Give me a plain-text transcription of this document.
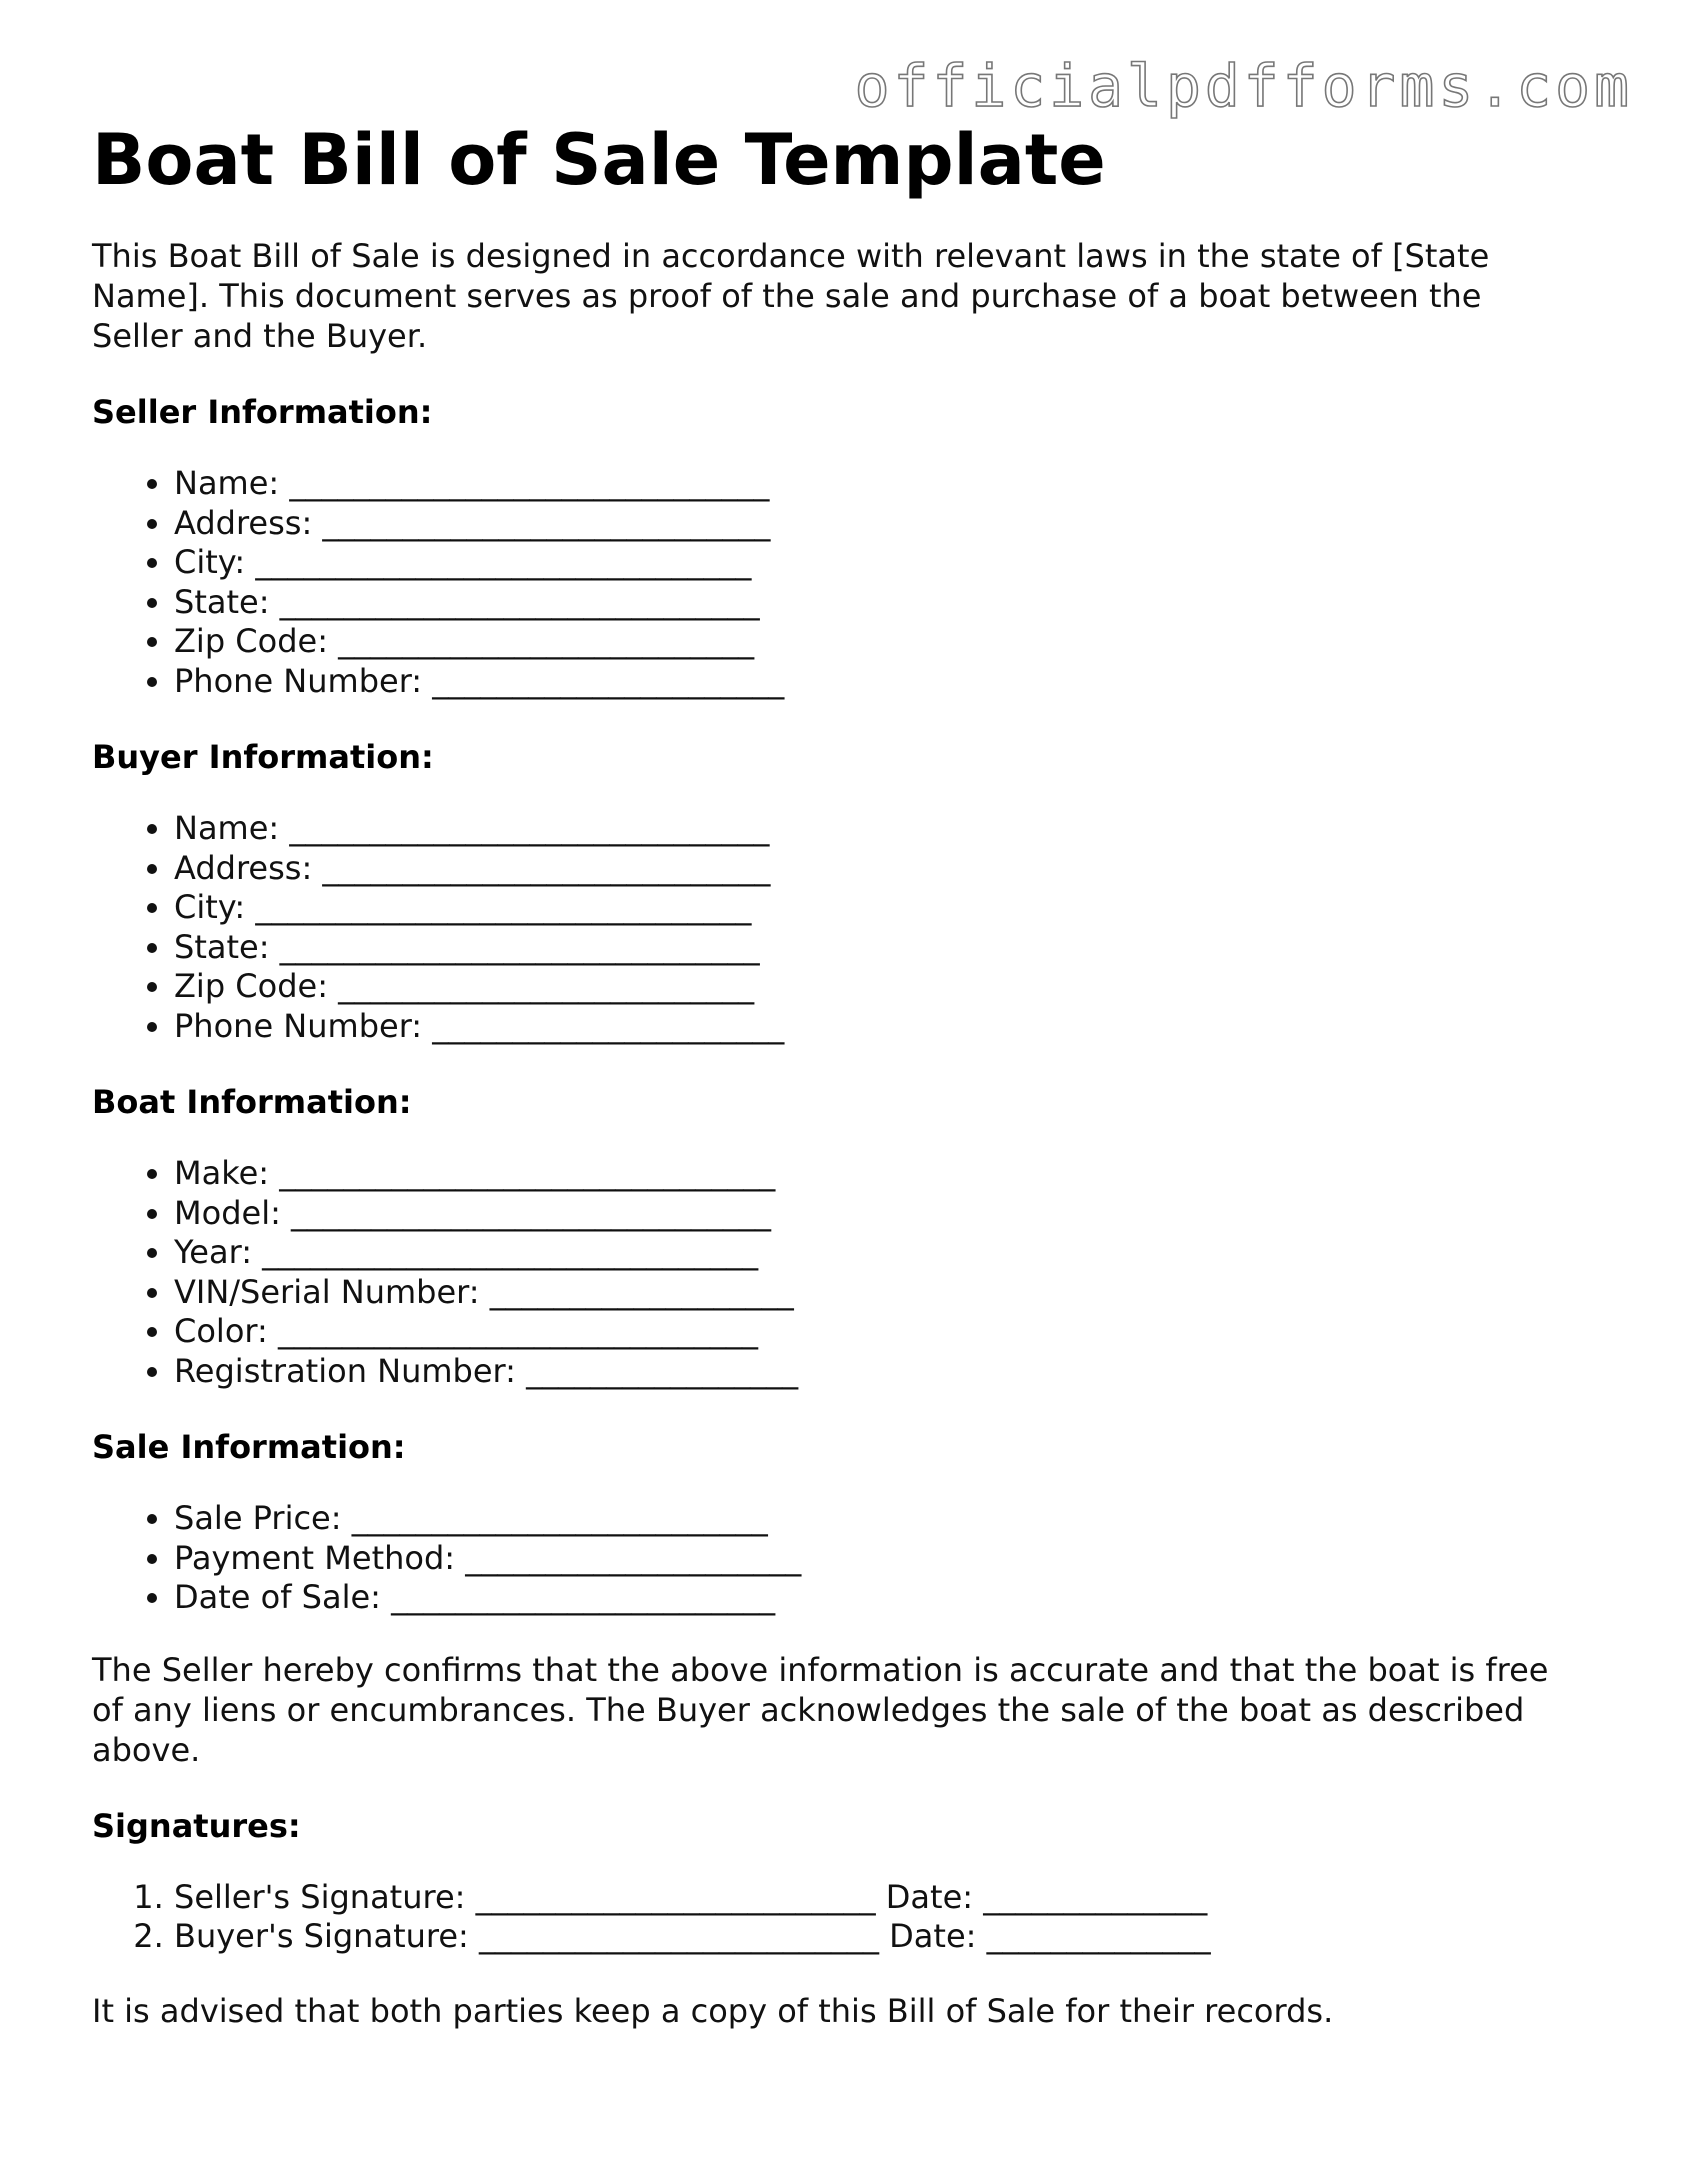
officialpdfforms.com
Boat Bill of Sale Template

This Boat Bill of Sale is designed in accordance with relevant laws in the state of [State Name]. This document serves as proof of the sale and purchase of a boat between the Seller and the Buyer.

Seller Information:
• Name: ______________________________
• Address: ____________________________
• City: _______________________________
• State: ______________________________
• Zip Code: __________________________
• Phone Number: ______________________
Buyer Information:
• Name: ______________________________
• Address: ____________________________
• City: _______________________________
• State: ______________________________
• Zip Code: __________________________
• Phone Number: ______________________
Boat Information:
• Make: _______________________________
• Model: ______________________________
• Year: _______________________________
• VIN/Serial Number: ___________________
• Color: ______________________________
• Registration Number: _________________
Sale Information:
• Sale Price: __________________________
• Payment Method: _____________________
• Date of Sale: ________________________

The Seller hereby confirms that the above information is accurate and that the boat is free of any liens or encumbrances. The Buyer acknowledges the sale of the boat as described above.

Signatures:
1. Seller's Signature: _________________________ Date: ______________
2. Buyer's Signature: _________________________ Date: ______________

It is advised that both parties keep a copy of this Bill of Sale for their records.
